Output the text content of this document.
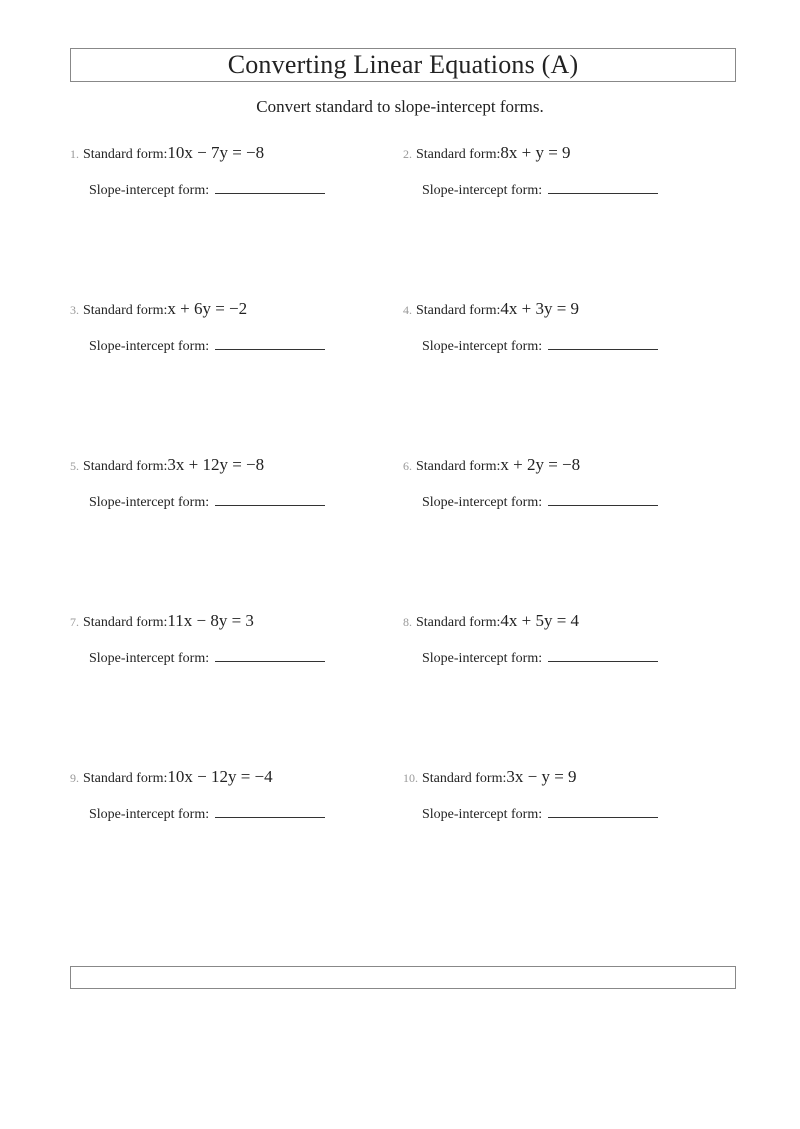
Converting Linear Equations (A)
Convert standard to slope-intercept forms.
1. Standard form:10x − 7y = −8
Slope-intercept form:
2. Standard form:8x + y = 9
Slope-intercept form:
3. Standard form:x + 6y = −2
Slope-intercept form:
4. Standard form:4x + 3y = 9
Slope-intercept form:
5. Standard form:3x + 12y = −8
Slope-intercept form:
6. Standard form:x + 2y = −8
Slope-intercept form:
7. Standard form:11x − 8y = 3
Slope-intercept form:
8. Standard form:4x + 5y = 4
Slope-intercept form:
9. Standard form:10x − 12y = −4
Slope-intercept form:
10. Standard form:3x − y = 9
Slope-intercept form:
